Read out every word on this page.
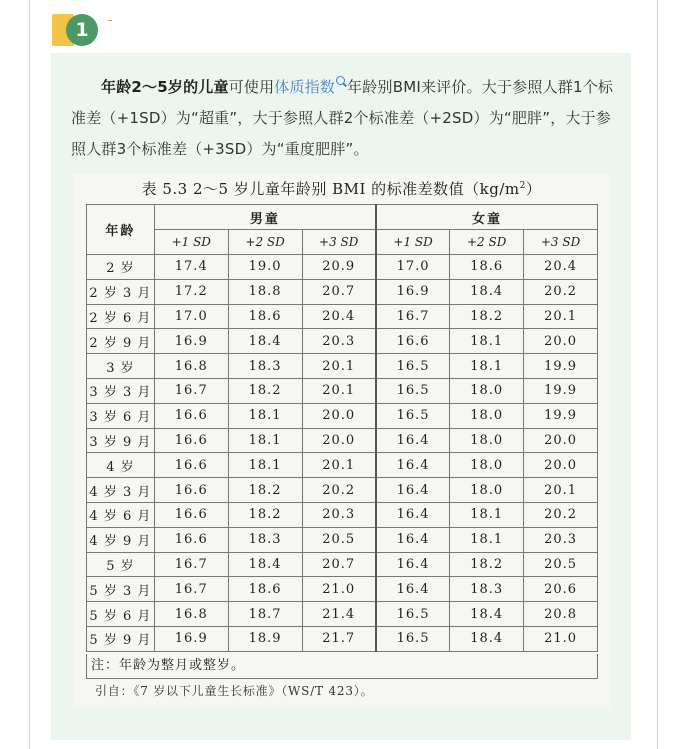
1

年龄2～5岁的儿童可使用体质指数 年龄别BMI来评价。大于参照人群1个标准差（+1SD）为“超重”，大于参照人群2个标准差（+2SD）为“肥胖”，大于参照人群3个标准差（+3SD）为“重度肥胖”。

表 5.3 2～5 岁儿童年龄别 BMI 的标准差数值$(kg/m^2)$
年龄	男童			女童		
	+1 SD	+2 SD	+3 SD	+1 SD	+2 SD	+3 SD
2 岁	17.4	19.0	20.9	17.0	18.6	20.4
2 岁 3 月	17.2	18.8	20.7	16.9	18.4	20.2
2 岁 6 月	17.0	18.6	20.4	16.7	18.2	20.1
2 岁 9 月	16.9	18.4	20.3	16.6	18.1	20.0
3 岁	16.8	18.3	20.1	16.5	18.1	19.9
3 岁 3 月	16.7	18.2	20.1	16.5	18.0	19.9
3 岁 6 月	16.6	18.1	20.0	16.5	18.0	19.9
3 岁 9 月	16.6	18.1	20.0	16.4	18.0	20.0
4 岁	16.6	18.1	20.1	16.4	18.0	20.0
4 岁 3 月	16.6	18.2	20.2	16.4	18.0	20.1
4 岁 6 月	16.6	18.2	20.3	16.4	18.1	20.2
4 岁 9 月	16.6	18.3	20.5	16.4	18.1	20.3
5 岁	16.7	18.4	20.7	16.4	18.2	20.5
5 岁 3 月	16.7	18.6	21.0	16.4	18.3	20.6
5 岁 6 月	16.8	18.7	21.4	16.5	18.4	20.8
5 岁 9 月	16.9	18.9	21.7	16.5	18.4	21.0
注：年龄为整月或整岁。
引自：《7 岁以下儿童生长标准》（WS/T 423）。
